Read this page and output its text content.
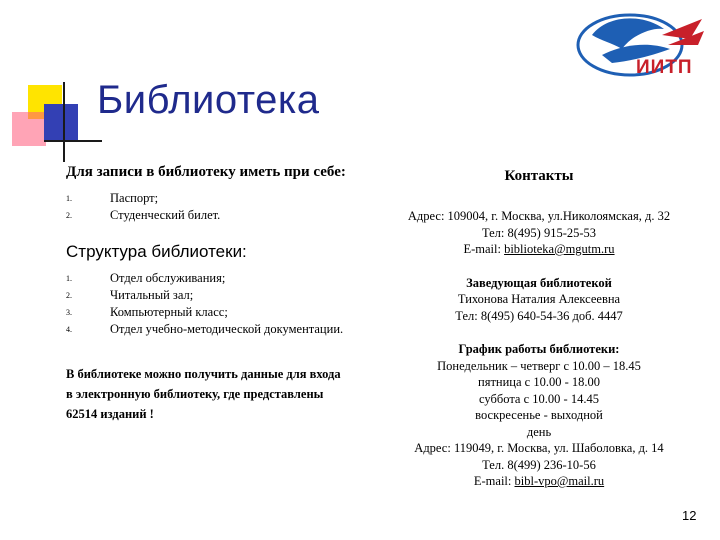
Библиотека
ИИТП
Для записи в библиотеку иметь при себе:
1.	Паспорт;
2.	Студенческий билет.
Структура библиотеки:
1.	Отдел обслуживания;
2.	Читальный зал;
3.	Компьютерный класс;
4.	Отдел учебно-методической документации.
В библиотеке можно получить данные для входа в электронную библиотеку, где представлены 62514 изданий !
Контакты
Адрес: 109004, г. Москва, ул.Николоямская, д. 32
Тел: 8(495) 915-25-53
E-mail: biblioteka@mgutm.ru
Заведующая библиотекой
Тихонова Наталия Алексеевна
Тел: 8(495) 640-54-36 доб. 4447
График работы библиотеки:
Понедельник – четверг с 10.00 – 18.45
пятница с 10.00 - 18.00
суббота с 10.00 - 14.45
воскресенье - выходной
день
Адрес: 119049, г. Москва, ул. Шаболовка, д. 14
Тел. 8(499) 236-10-56
E-mail: bibl-vpo@mail.ru
12
